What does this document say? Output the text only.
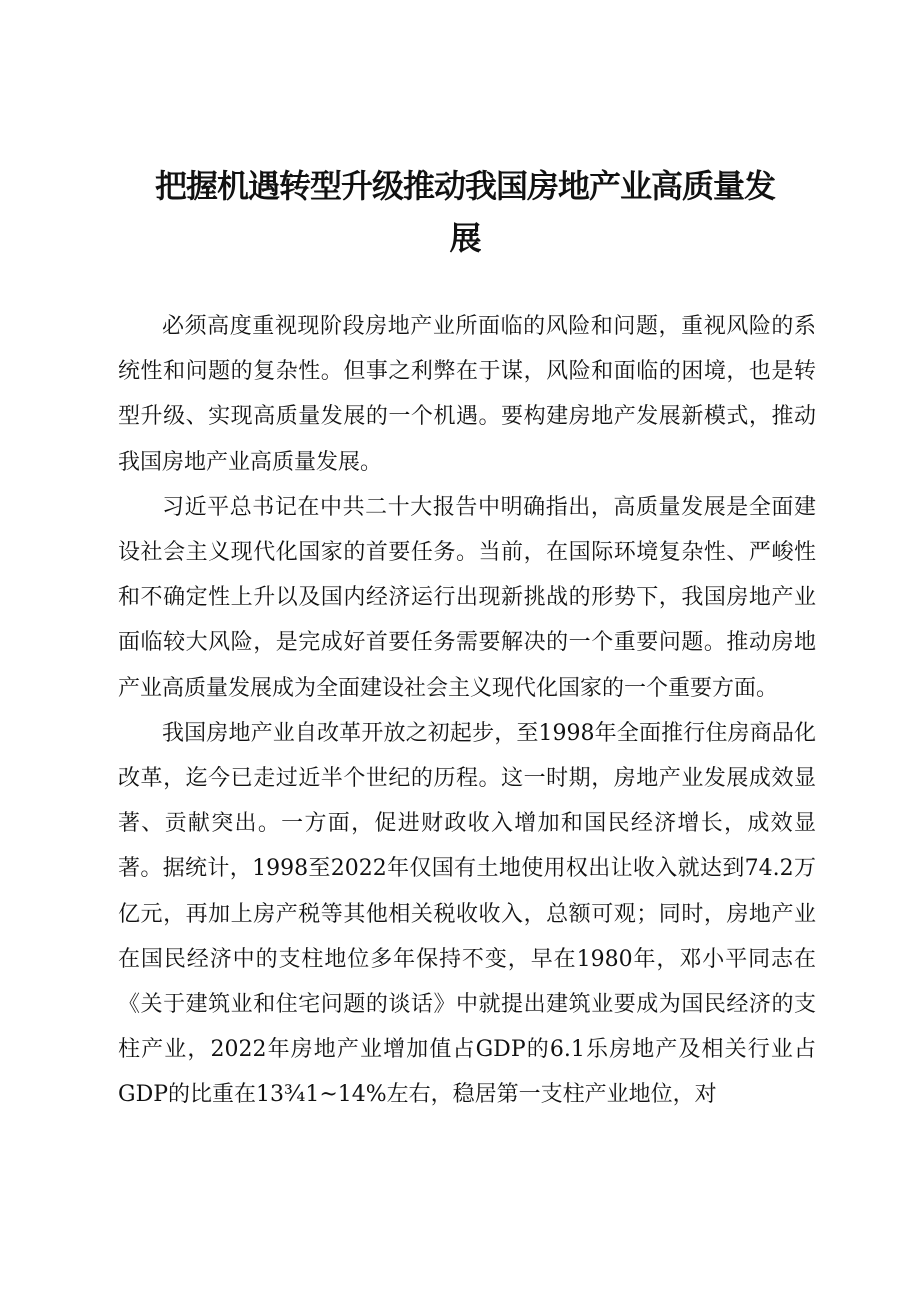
把握机遇转型升级推动我国房地产业高质量发展

必须高度重视现阶段房地产业所面临的风险和问题，重视风险的系统性和问题的复杂性。但事之利弊在于谋，风险和面临的困境，也是转型升级、实现高质量发展的一个机遇。要构建房地产发展新模式，推动我国房地产业高质量发展。

习近平总书记在中共二十大报告中明确指出，高质量发展是全面建设社会主义现代化国家的首要任务。当前，在国际环境复杂性、严峻性和不确定性上升以及国内经济运行出现新挑战的形势下，我国房地产业面临较大风险，是完成好首要任务需要解决的一个重要问题。推动房地产业高质量发展成为全面建设社会主义现代化国家的一个重要方面。

我国房地产业自改革开放之初起步，至1998年全面推行住房商品化改革，迄今已走过近半个世纪的历程。这一时期，房地产业发展成效显著、贡献突出。一方面，促进财政收入增加和国民经济增长，成效显著。据统计，1998至2022年仅国有土地使用权出让收入就达到74.2万亿元，再加上房产税等其他相关税收收入，总额可观；同时，房地产业在国民经济中的支柱地位多年保持不变，早在1980年，邓小平同志在《关于建筑业和住宅问题的谈话》中就提出建筑业要成为国民经济的支柱产业，2022年房地产业增加值占GDP的6.1乐房地产及相关行业占GDP的比重在13¾1~14%左右，稳居第一支柱产业地位，对
